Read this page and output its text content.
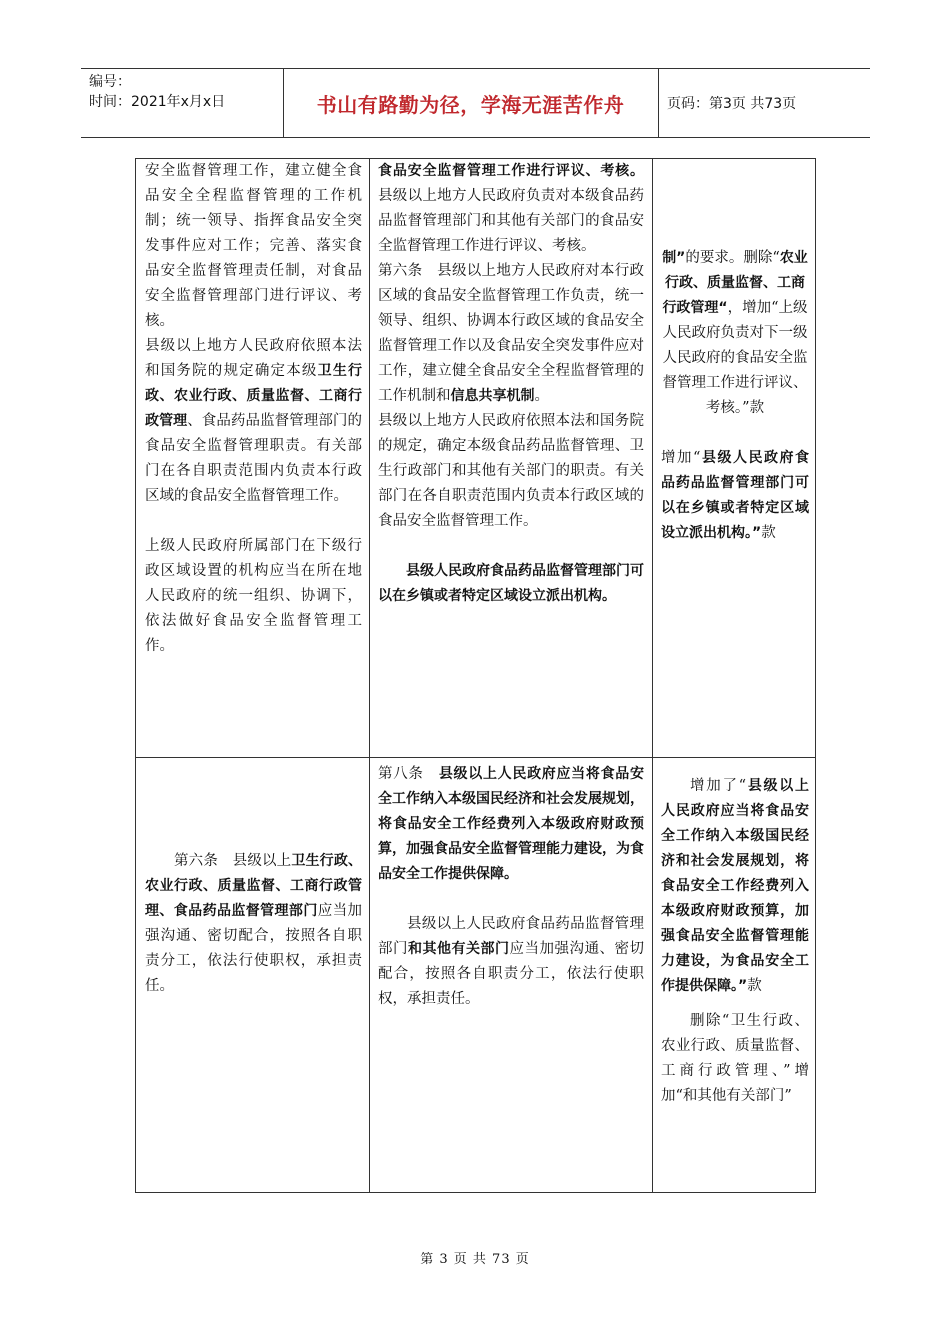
编号：
时间：2021年x月x日	书山有路勤为径，学海无涯苦作舟	页码：第3页 共73页

安全监督管理工作，建立健全食品安全全程监督管理的工作机制；统一领导、指挥食品安全突发事件应对工作；完善、落实食品安全监督管理责任制，对食品安全监督管理部门进行评议、考核。

县级以上地方人民政府依照本法和国务院的规定确定本级卫生行政、农业行政、质量监督、工商行政管理、食品药品监督管理部门的食品安全监督管理职责。有关部门在各自职责范围内负责本行政区域的食品安全监督管理工作。

上级人民政府所属部门在下级行政区域设置的机构应当在所在地人民政府的统一组织、协调下，依法做好食品安全监督管理工作。

食品安全监督管理工作进行评议、考核。县级以上地方人民政府负责对本级食品药品监督管理部门和其他有关部门的食品安全监督管理工作进行评议、考核。

第六条　县级以上地方人民政府对本行政区域的食品安全监督管理工作负责，统一领导、组织、协调本行政区域的食品安全监督管理工作以及食品安全突发事件应对工作，建立健全食品安全全程监督管理的工作机制和信息共享机制。

县级以上地方人民政府依照本法和国务院的规定，确定本级食品药品监督管理、卫生行政部门和其他有关部门的职责。有关部门在各自职责范围内负责本行政区域的食品安全监督管理工作。

县级人民政府食品药品监督管理部门可以在乡镇或者特定区域设立派出机构。

制”的要求。删除“农业行政、质量监督、工商行政管理“，增加“上级人民政府负责对下一级人民政府的食品安全监督管理工作进行评议、考核。”款

增加“县级人民政府食品药品监督管理部门可以在乡镇或者特定区域设立派出机构。”款

第六条　县级以上卫生行政、农业行政、质量监督、工商行政管理、食品药品监督管理部门应当加强沟通、密切配合，按照各自职责分工，依法行使职权，承担责任。

第八条　县级以上人民政府应当将食品安全工作纳入本级国民经济和社会发展规划，将食品安全工作经费列入本级政府财政预算，加强食品安全监督管理能力建设，为食品安全工作提供保障。

县级以上人民政府食品药品监督管理部门和其他有关部门应当加强沟通、密切配合，按照各自职责分工，依法行使职权，承担责任。

增加了“县级以上人民政府应当将食品安全工作纳入本级国民经济和社会发展规划，将食品安全工作经费列入本级政府财政预算，加强食品安全监督管理能力建设，为食品安全工作提供保障。”款

删除“卫生行政、农业行政、质量监督、工商行政管理、”增加“和其他有关部门”

第 3 页 共 73 页
